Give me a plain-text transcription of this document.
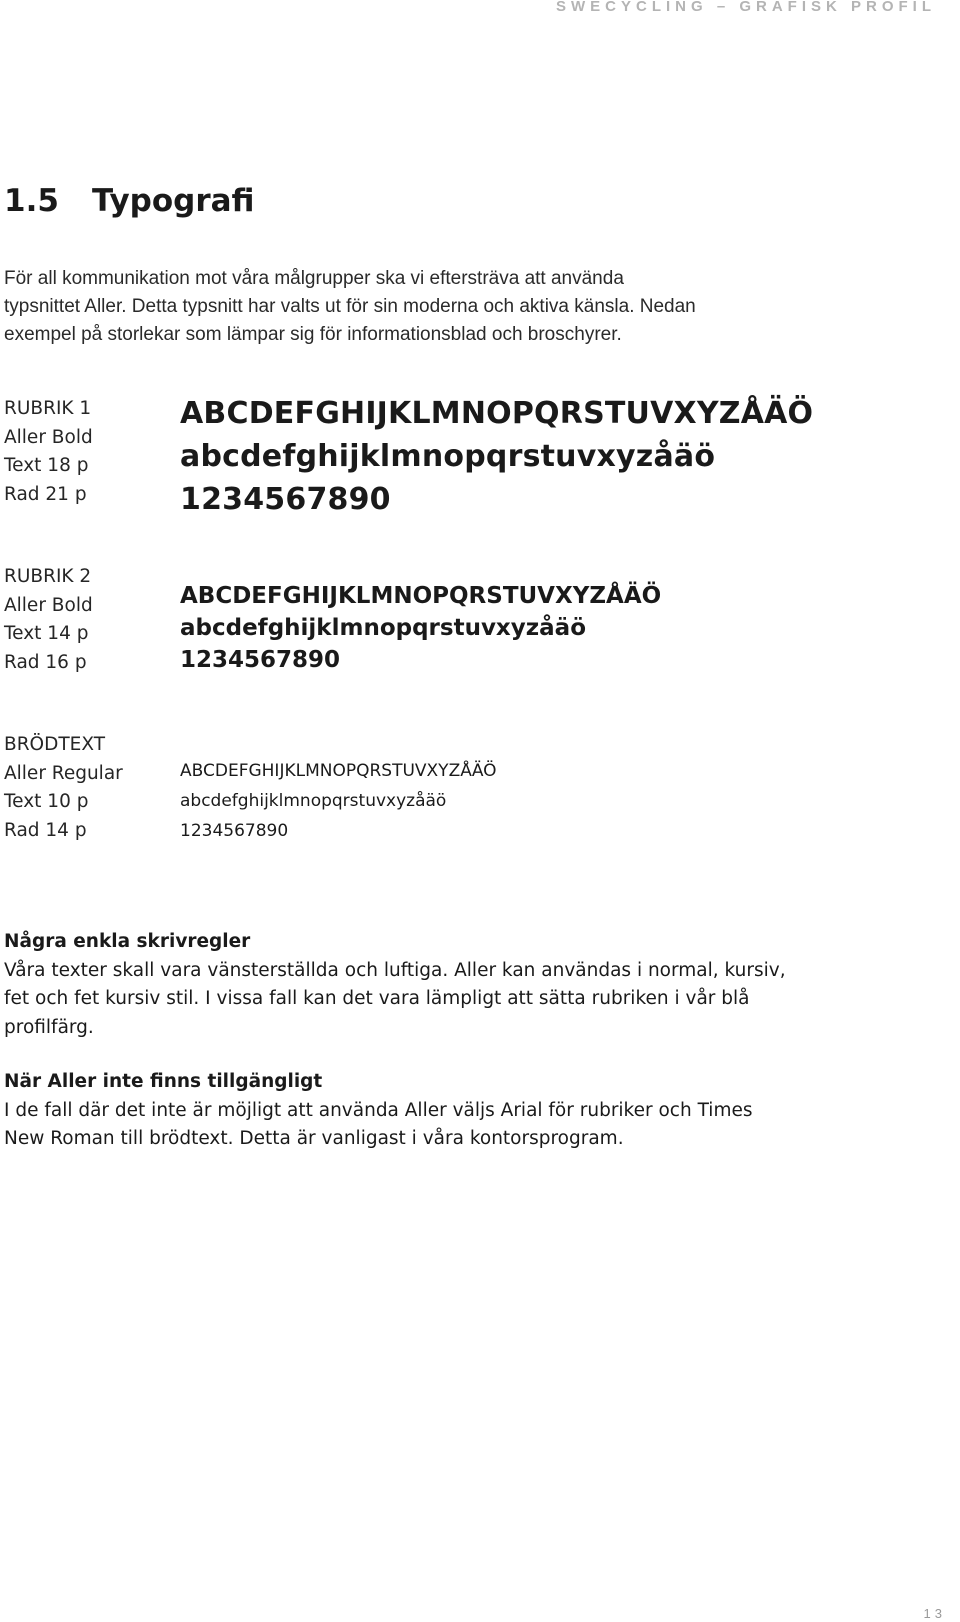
SWECYCLING – GRAFISK PROFIL
1.5 Typografi

För all kommunikation mot våra målgrupper ska vi eftersträva att använda

typsnittet Aller. Detta typsnitt har valts ut för sin moderna och aktiva känsla. Nedan

exempel på storlekar som lämpar sig för informationsblad och broschyrer.

RUBRIK 1
Aller Bold
Text 18 p
Rad 21 p
ABCDEFGHIJKLMNOPQRSTUVXYZÅÄÖ
abcdefghijklmnopqrstuvxyzåäö
1234567890
RUBRIK 2
Aller Bold
Text 14 p
Rad 16 p
ABCDEFGHIJKLMNOPQRSTUVXYZÅÄÖ
abcdefghijklmnopqrstuvxyzåäö
1234567890
BRÖDTEXT
Aller Regular
Text 10 p
Rad 14 p
ABCDEFGHIJKLMNOPQRSTUVXYZÅÄÖ
abcdefghijklmnopqrstuvxyzåäö
1234567890
Några enkla skrivregler

Våra texter skall vara vänsterställda och luftiga. Aller kan användas i normal, kursiv,

fet och fet kursiv stil. I vissa fall kan det vara lämpligt att sätta rubriken i vår blå

profilfärg.

När Aller inte finns tillgängligt

I de fall där det inte är möjligt att använda Aller väljs Arial för rubriker och Times

New Roman till brödtext. Detta är vanligast i våra kontorsprogram.

13
